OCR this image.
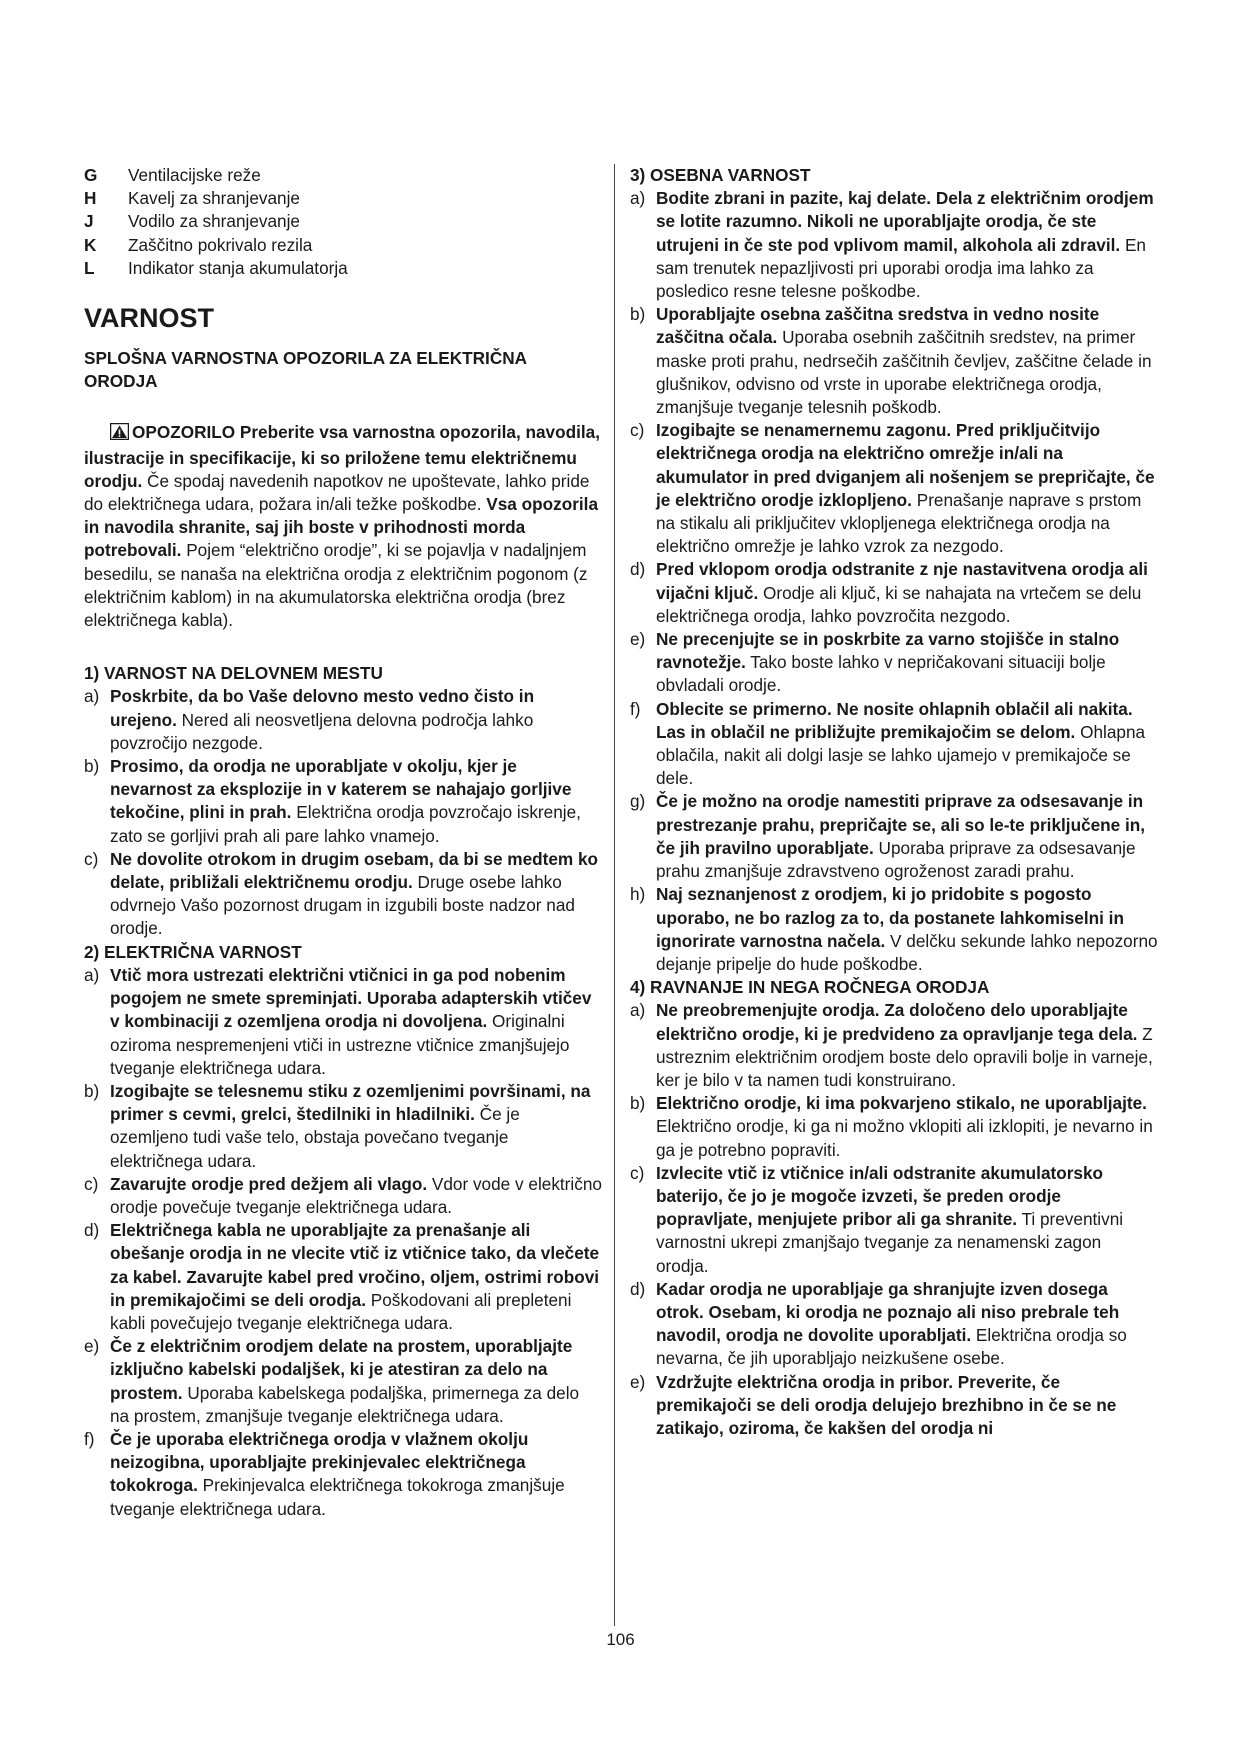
G	Ventilacijske reže
H	Kavelj za shranjevanje
J	Vodilo za shranjevanje
K	Zaščitno pokrivalo rezila
L	Indikator stanja akumulatorja
VARNOST
SPLOŠNA VARNOSTNA OPOZORILA ZA ELEKTRIČNA ORODJA

OPOZORILO Preberite vsa varnostna opozorila, navodila, ilustracije in specifikacije, ki so priložene temu električnemu orodju. Če spodaj navedenih napotkov ne upoštevate, lahko pride do električnega udara, požara in/ali težke poškodbe. Vsa opozorila in navodila shranite, saj jih boste v prihodnosti morda potrebovali. Pojem “električno orodje”, ki se pojavlja v nadaljnjem besedilu, se nanaša na električna orodja z električnim pogonom (z električnim kablom) in na akumulatorska električna orodja (brez električnega kabla).

1) VARNOST NA DELOVNEM MESTU
a) Poskrbite, da bo Vaše delovno mesto vedno čisto in urejeno. Nered ali neosvetljena delovna področja lahko povzročijo nezgode.
b) Prosimo, da orodja ne uporabljate v okolju, kjer je nevarnost za eksplozije in v katerem se nahajajo gorljive tekočine, plini in prah. Električna orodja povzročajo iskrenje, zato se gorljivi prah ali pare lahko vnamejo.
c) Ne dovolite otrokom in drugim osebam, da bi se medtem ko delate, približali električnemu orodju. Druge osebe lahko odvrnejo Vašo pozornost drugam in izgubili boste nadzor nad orodje.
2) ELEKTRIČNA VARNOST
a) Vtič mora ustrezati električni vtičnici in ga pod nobenim pogojem ne smete spreminjati. Uporaba adapterskih vtičev v kombinaciji z ozemljena orodja ni dovoljena. Originalni oziroma nespremenjeni vtiči in ustrezne vtičnice zmanjšujejo tveganje električnega udara.
b) Izogibajte se telesnemu stiku z ozemljenimi površinami, na primer s cevmi, grelci, štedilniki in hladilniki. Če je ozemljeno tudi vaše telo, obstaja povečano tveganje električnega udara.
c) Zavarujte orodje pred dežjem ali vlago. Vdor vode v električno orodje povečuje tveganje električnega udara.
d) Električnega kabla ne uporabljajte za prenašanje ali obešanje orodja in ne vlecite vtič iz vtičnice tako, da vlečete za kabel. Zavarujte kabel pred vročino, oljem, ostrimi robovi in premikajočimi se deli orodja. Poškodovani ali prepleteni kabli povečujejo tveganje električnega udara.
e) Če z električnim orodjem delate na prostem, uporabljajte izključno kabelski podaljšek, ki je atestiran za delo na prostem. Uporaba kabelskega podaljška, primernega za delo na prostem, zmanjšuje tveganje električnega udara.
f) Če je uporaba električnega orodja v vlažnem okolju neizogibna, uporabljajte prekinjevalec električnega tokokroga. Prekinjevalca električnega tokokroga zmanjšuje tveganje električnega udara.
3) OSEBNA VARNOST
a) Bodite zbrani in pazite, kaj delate. Dela z električnim orodjem se lotite razumno. Nikoli ne uporabljajte orodja, če ste utrujeni in če ste pod vplivom mamil, alkohola ali zdravil. En sam trenutek nepazljivosti pri uporabi orodja ima lahko za posledico resne telesne poškodbe.
b) Uporabljajte osebna zaščitna sredstva in vedno nosite zaščitna očala. Uporaba osebnih zaščitnih sredstev, na primer maske proti prahu, nedrsečih zaščitnih čevljev, zaščitne čelade in glušnikov, odvisno od vrste in uporabe električnega orodja, zmanjšuje tveganje telesnih poškodb.
c) Izogibajte se nenamernemu zagonu. Pred priključitvijo električnega orodja na električno omrežje in/ali na akumulator in pred dviganjem ali nošenjem se prepričajte, če je električno orodje izklopljeno. Prenašanje naprave s prstom na stikalu ali priključitev vklopljenega električnega orodja na električno omrežje je lahko vzrok za nezgodo.
d) Pred vklopom orodja odstranite z nje nastavitvena orodja ali vijačni ključ. Orodje ali ključ, ki se nahajata na vrtečem se delu električnega orodja, lahko povzročita nezgodo.
e) Ne precenjujte se in poskrbite za varno stojišče in stalno ravnotežje. Tako boste lahko v nepričakovani situaciji bolje obvladali orodje.
f) Oblecite se primerno. Ne nosite ohlapnih oblačil ali nakita. Las in oblačil ne približujte premikajočim se delom. Ohlapna oblačila, nakit ali dolgi lasje se lahko ujamejo v premikajoče se dele.
g) Če je možno na orodje namestiti priprave za odsesavanje in prestrezanje prahu, prepričajte se, ali so le-te priključene in, če jih pravilno uporabljate. Uporaba priprave za odsesavanje prahu zmanjšuje zdravstveno ogroženost zaradi prahu.
h) Naj seznanjenost z orodjem, ki jo pridobite s pogosto uporabo, ne bo razlog za to, da postanete lahkomiselni in ignorirate varnostna načela. V delčku sekunde lahko nepozorno dejanje pripelje do hude poškodbe.
4) RAVNANJE IN NEGA ROČNEGA ORODJA
a) Ne preobremenjujte orodja. Za določeno delo uporabljajte električno orodje, ki je predvideno za opravljanje tega dela. Z ustreznim električnim orodjem boste delo opravili bolje in varneje, ker je bilo v ta namen tudi konstruirano.
b) Električno orodje, ki ima pokvarjeno stikalo, ne uporabljajte. Električno orodje, ki ga ni možno vklopiti ali izklopiti, je nevarno in ga je potrebno popraviti.
c) Izvlecite vtič iz vtičnice in/ali odstranite akumulatorsko baterijo, če jo je mogoče izvzeti, še preden orodje popravljate, menjujete pribor ali ga shranite. Ti preventivni varnostni ukrepi zmanjšajo tveganje za nenamenski zagon orodja.
d) Kadar orodja ne uporabljaje ga shranjujte izven dosega otrok. Osebam, ki orodja ne poznajo ali niso prebrale teh navodil, orodja ne dovolite uporabljati. Električna orodja so nevarna, če jih uporabljajo neizkušene osebe.
e) Vzdržujte električna orodja in pribor. Preverite, če premikajoči se deli orodja delujejo brezhibno in če se ne zatikajo, oziroma, če kakšen del orodja ni
106
